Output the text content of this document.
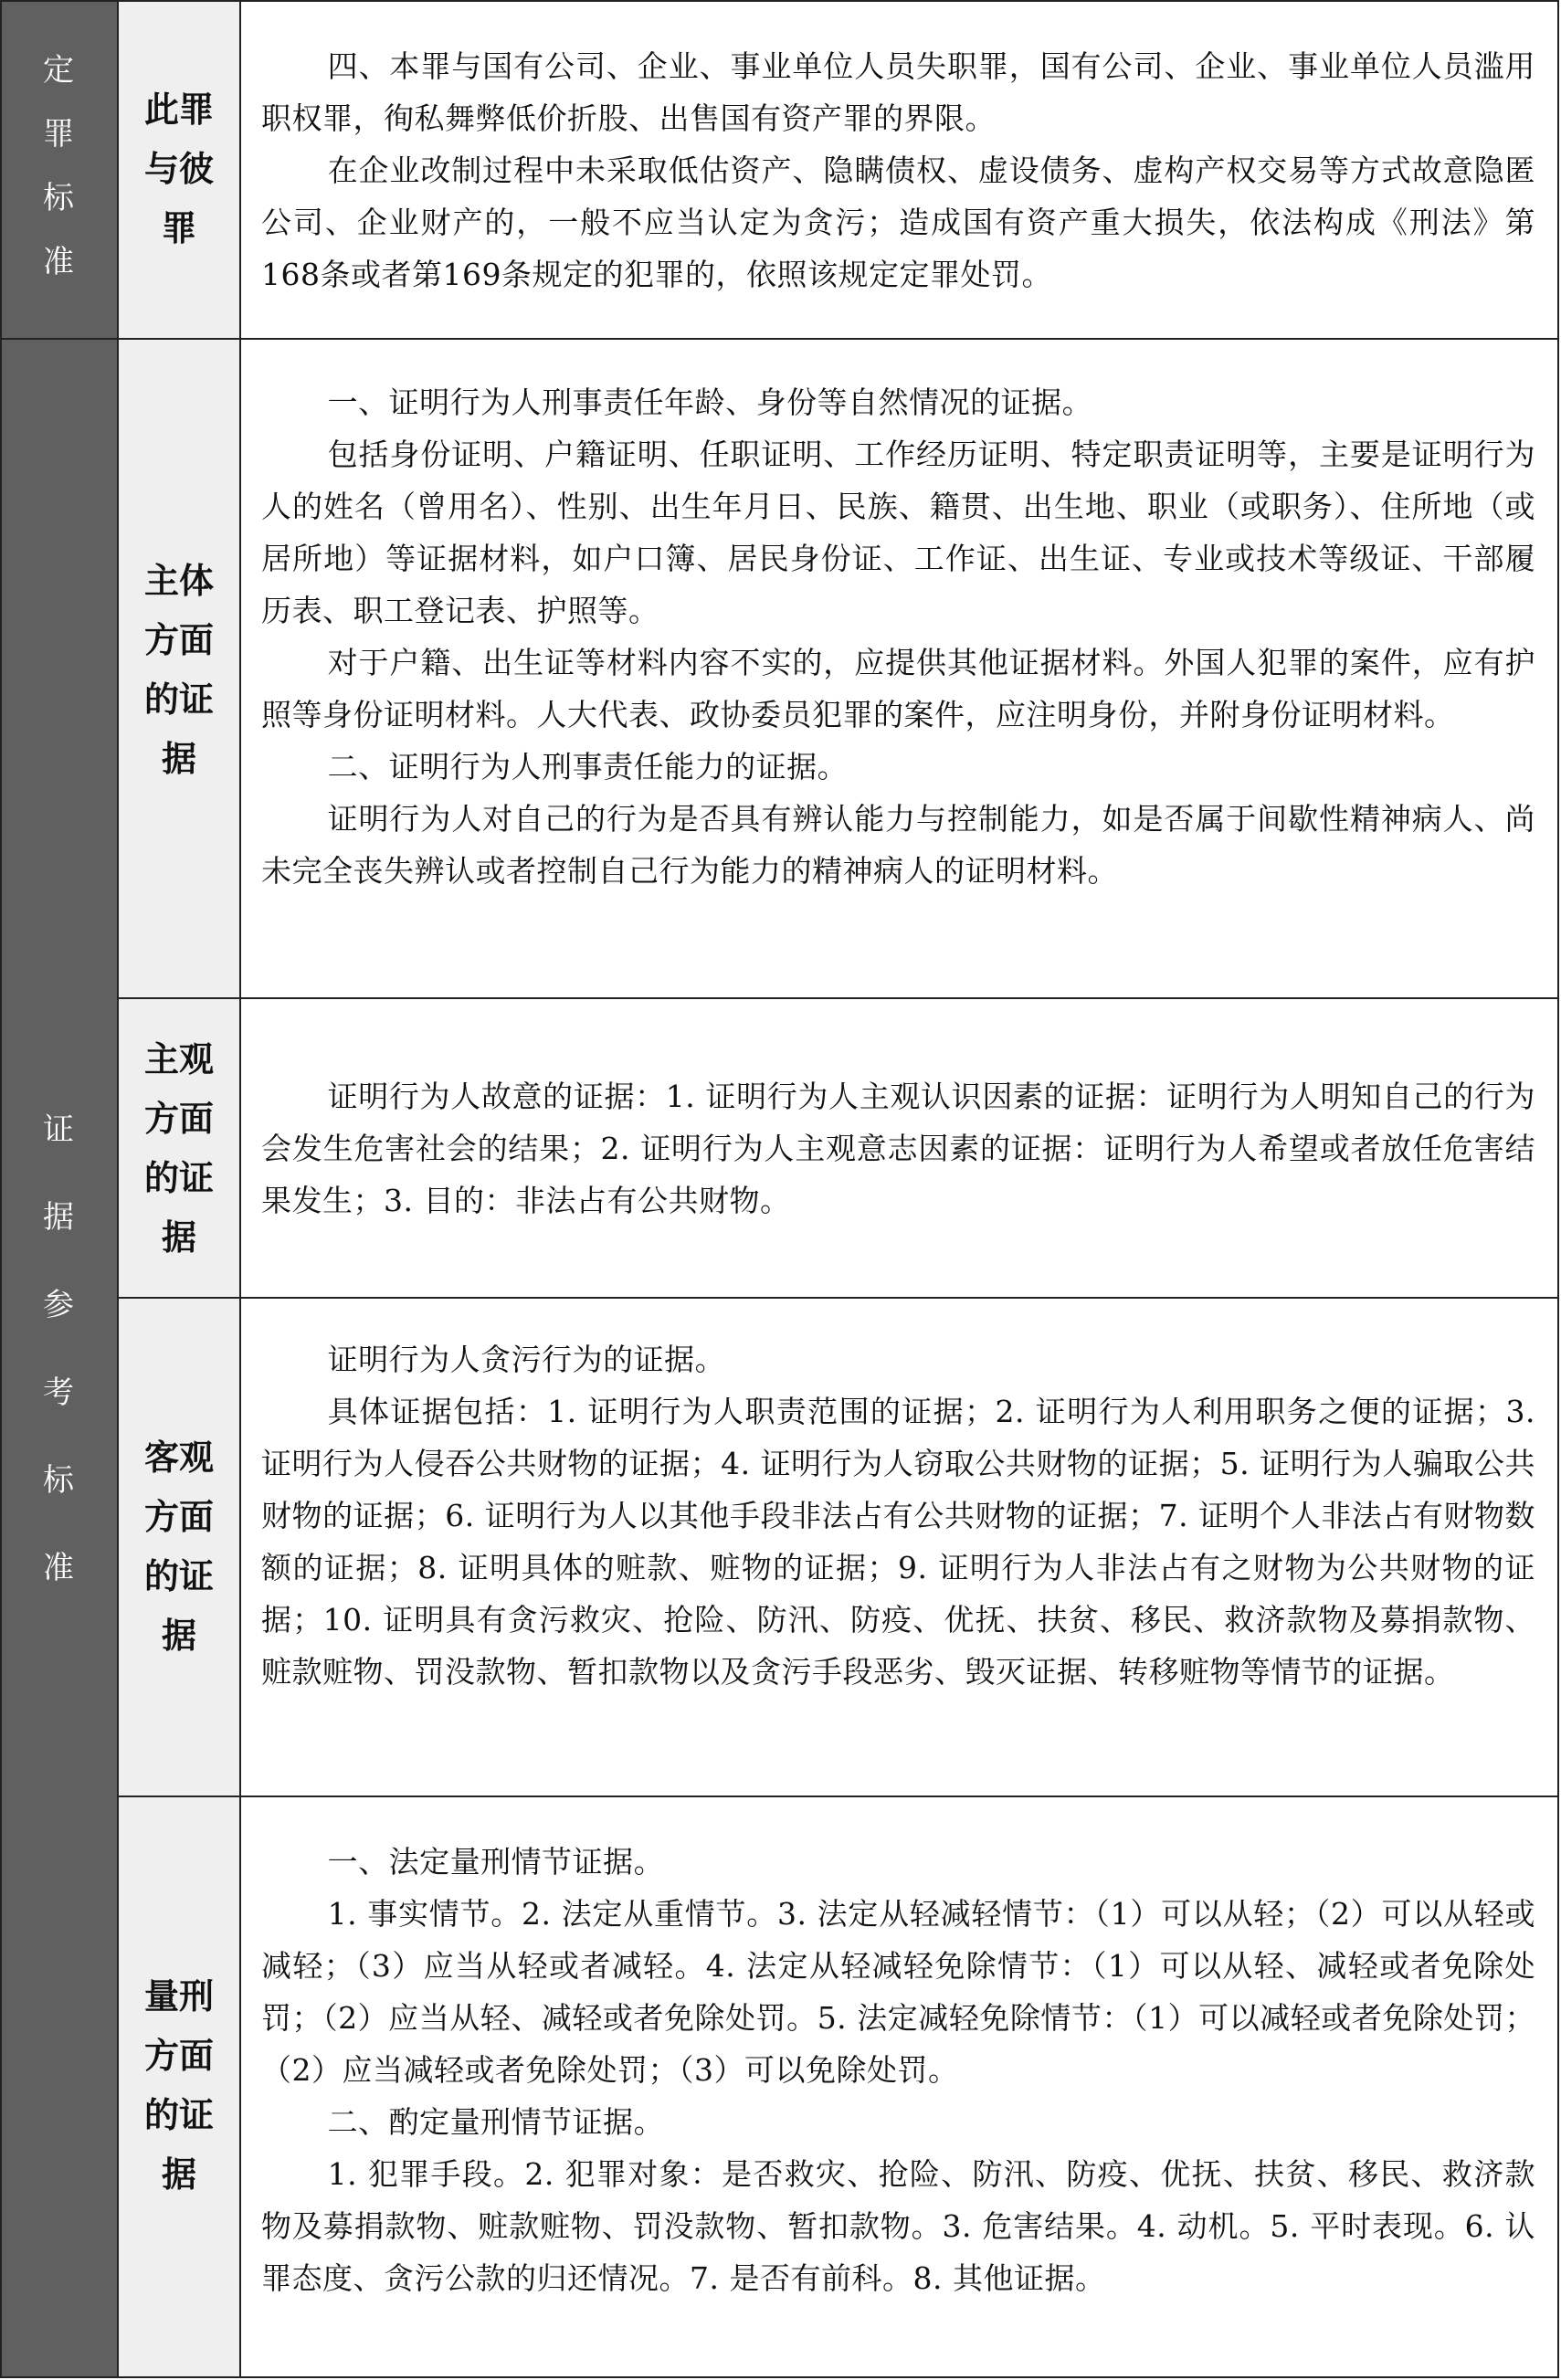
定
罪
标
准
证
据
参
考
标
准
此罪
与彼
罪

四、本罪与国有公司、企业、事业单位人员失职罪，国有公司、企业、事业单位人员滥用职权罪，徇私舞弊低价折股、出售国有资产罪的界限。

在企业改制过程中未采取低估资产、隐瞒债权、虚设债务、虚构产权交易等方式故意隐匿公司、企业财产的，一般不应当认定为贪污；造成国有资产重大损失，依法构成《刑法》第168条或者第169条规定的犯罪的，依照该规定定罪处罚。

主体
方面
的证
据

一、证明行为人刑事责任年龄、身份等自然情况的证据。

包括身份证明、户籍证明、任职证明、工作经历证明、特定职责证明等，主要是证明行为人的姓名（曾用名）、性别、出生年月日、民族、籍贯、出生地、职业（或职务）、住所地（或居所地）等证据材料，如户口簿、居民身份证、工作证、出生证、专业或技术等级证、干部履历表、职工登记表、护照等。

对于户籍、出生证等材料内容不实的，应提供其他证据材料。外国人犯罪的案件，应有护照等身份证明材料。人大代表、政协委员犯罪的案件，应注明身份，并附身份证明材料。

二、证明行为人刑事责任能力的证据。

证明行为人对自己的行为是否具有辨认能力与控制能力，如是否属于间歇性精神病人、尚未完全丧失辨认或者控制自己行为能力的精神病人的证明材料。

主观
方面
的证
据

证明行为人故意的证据：1. 证明行为人主观认识因素的证据：证明行为人明知自己的行为会发生危害社会的结果；2. 证明行为人主观意志因素的证据：证明行为人希望或者放任危害结果发生；3. 目的：非法占有公共财物。

客观
方面
的证
据

证明行为人贪污行为的证据。

具体证据包括：1. 证明行为人职责范围的证据；2. 证明行为人利用职务之便的证据；3. 证明行为人侵吞公共财物的证据；4. 证明行为人窃取公共财物的证据；5. 证明行为人骗取公共财物的证据；6. 证明行为人以其他手段非法占有公共财物的证据；7. 证明个人非法占有财物数额的证据；8. 证明具体的赃款、赃物的证据；9. 证明行为人非法占有之财物为公共财物的证据；10. 证明具有贪污救灾、抢险、防汛、防疫、优抚、扶贫、移民、救济款物及募捐款物、赃款赃物、罚没款物、暂扣款物以及贪污手段恶劣、毁灭证据、转移赃物等情节的证据。

量刑
方面
的证
据

一、法定量刑情节证据。

1. 事实情节。2. 法定从重情节。3. 法定从轻减轻情节：（1）可以从轻；（2）可以从轻或减轻；（3）应当从轻或者减轻。4. 法定从轻减轻免除情节：（1）可以从轻、减轻或者免除处罚；（2）应当从轻、减轻或者免除处罚。5. 法定减轻免除情节：（1）可以减轻或者免除处罚；（2）应当减轻或者免除处罚；（3）可以免除处罚。

二、酌定量刑情节证据。

1. 犯罪手段。2. 犯罪对象：是否救灾、抢险、防汛、防疫、优抚、扶贫、移民、救济款物及募捐款物、赃款赃物、罚没款物、暂扣款物。3. 危害结果。4. 动机。5. 平时表现。6. 认罪态度、贪污公款的归还情况。7. 是否有前科。8. 其他证据。
